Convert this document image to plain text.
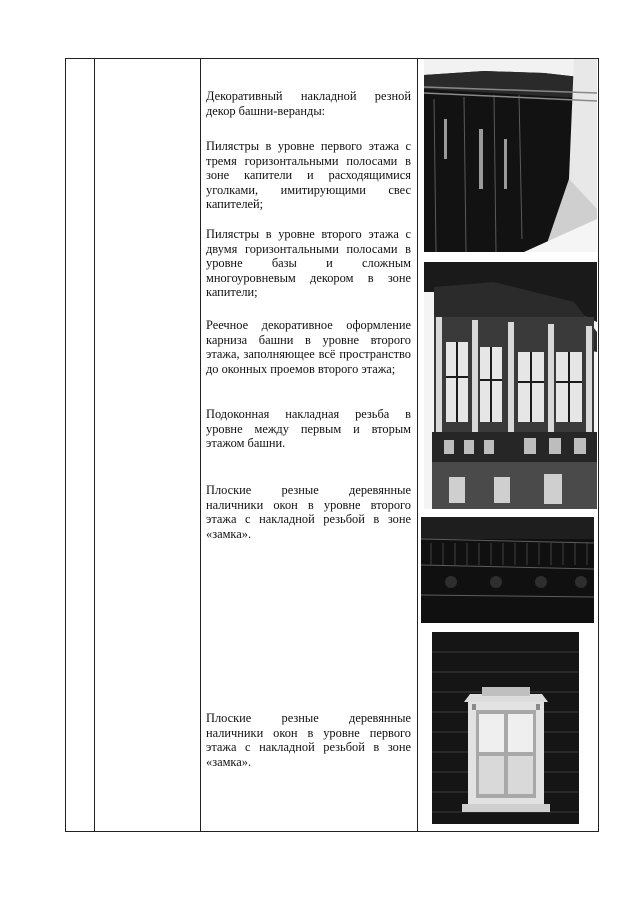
Декоративный накладной резной декор башни-веранды:

Пилястры в уровне первого этажа с тремя горизонтальными полосами в зоне капители и расходящимися уголками, имитирующими свес капителей;

Пилястры в уровне второго этажа с двумя горизонтальными полосами в уровне базы и сложным многоуровневым декором в зоне капители;

Реечное декоративное оформление карниза башни в уровне второго этажа, заполняющее всё пространство до оконных проемов второго этажа;

Подоконная накладная резьба в уровне между первым и вторым этажом башни.

Плоские резные деревянные наличники окон в уровне второго этажа с накладной резьбой в зоне «замка».

Плоские резные деревянные наличники окон в уровне первого этажа с накладной резьбой в зоне «замка».
